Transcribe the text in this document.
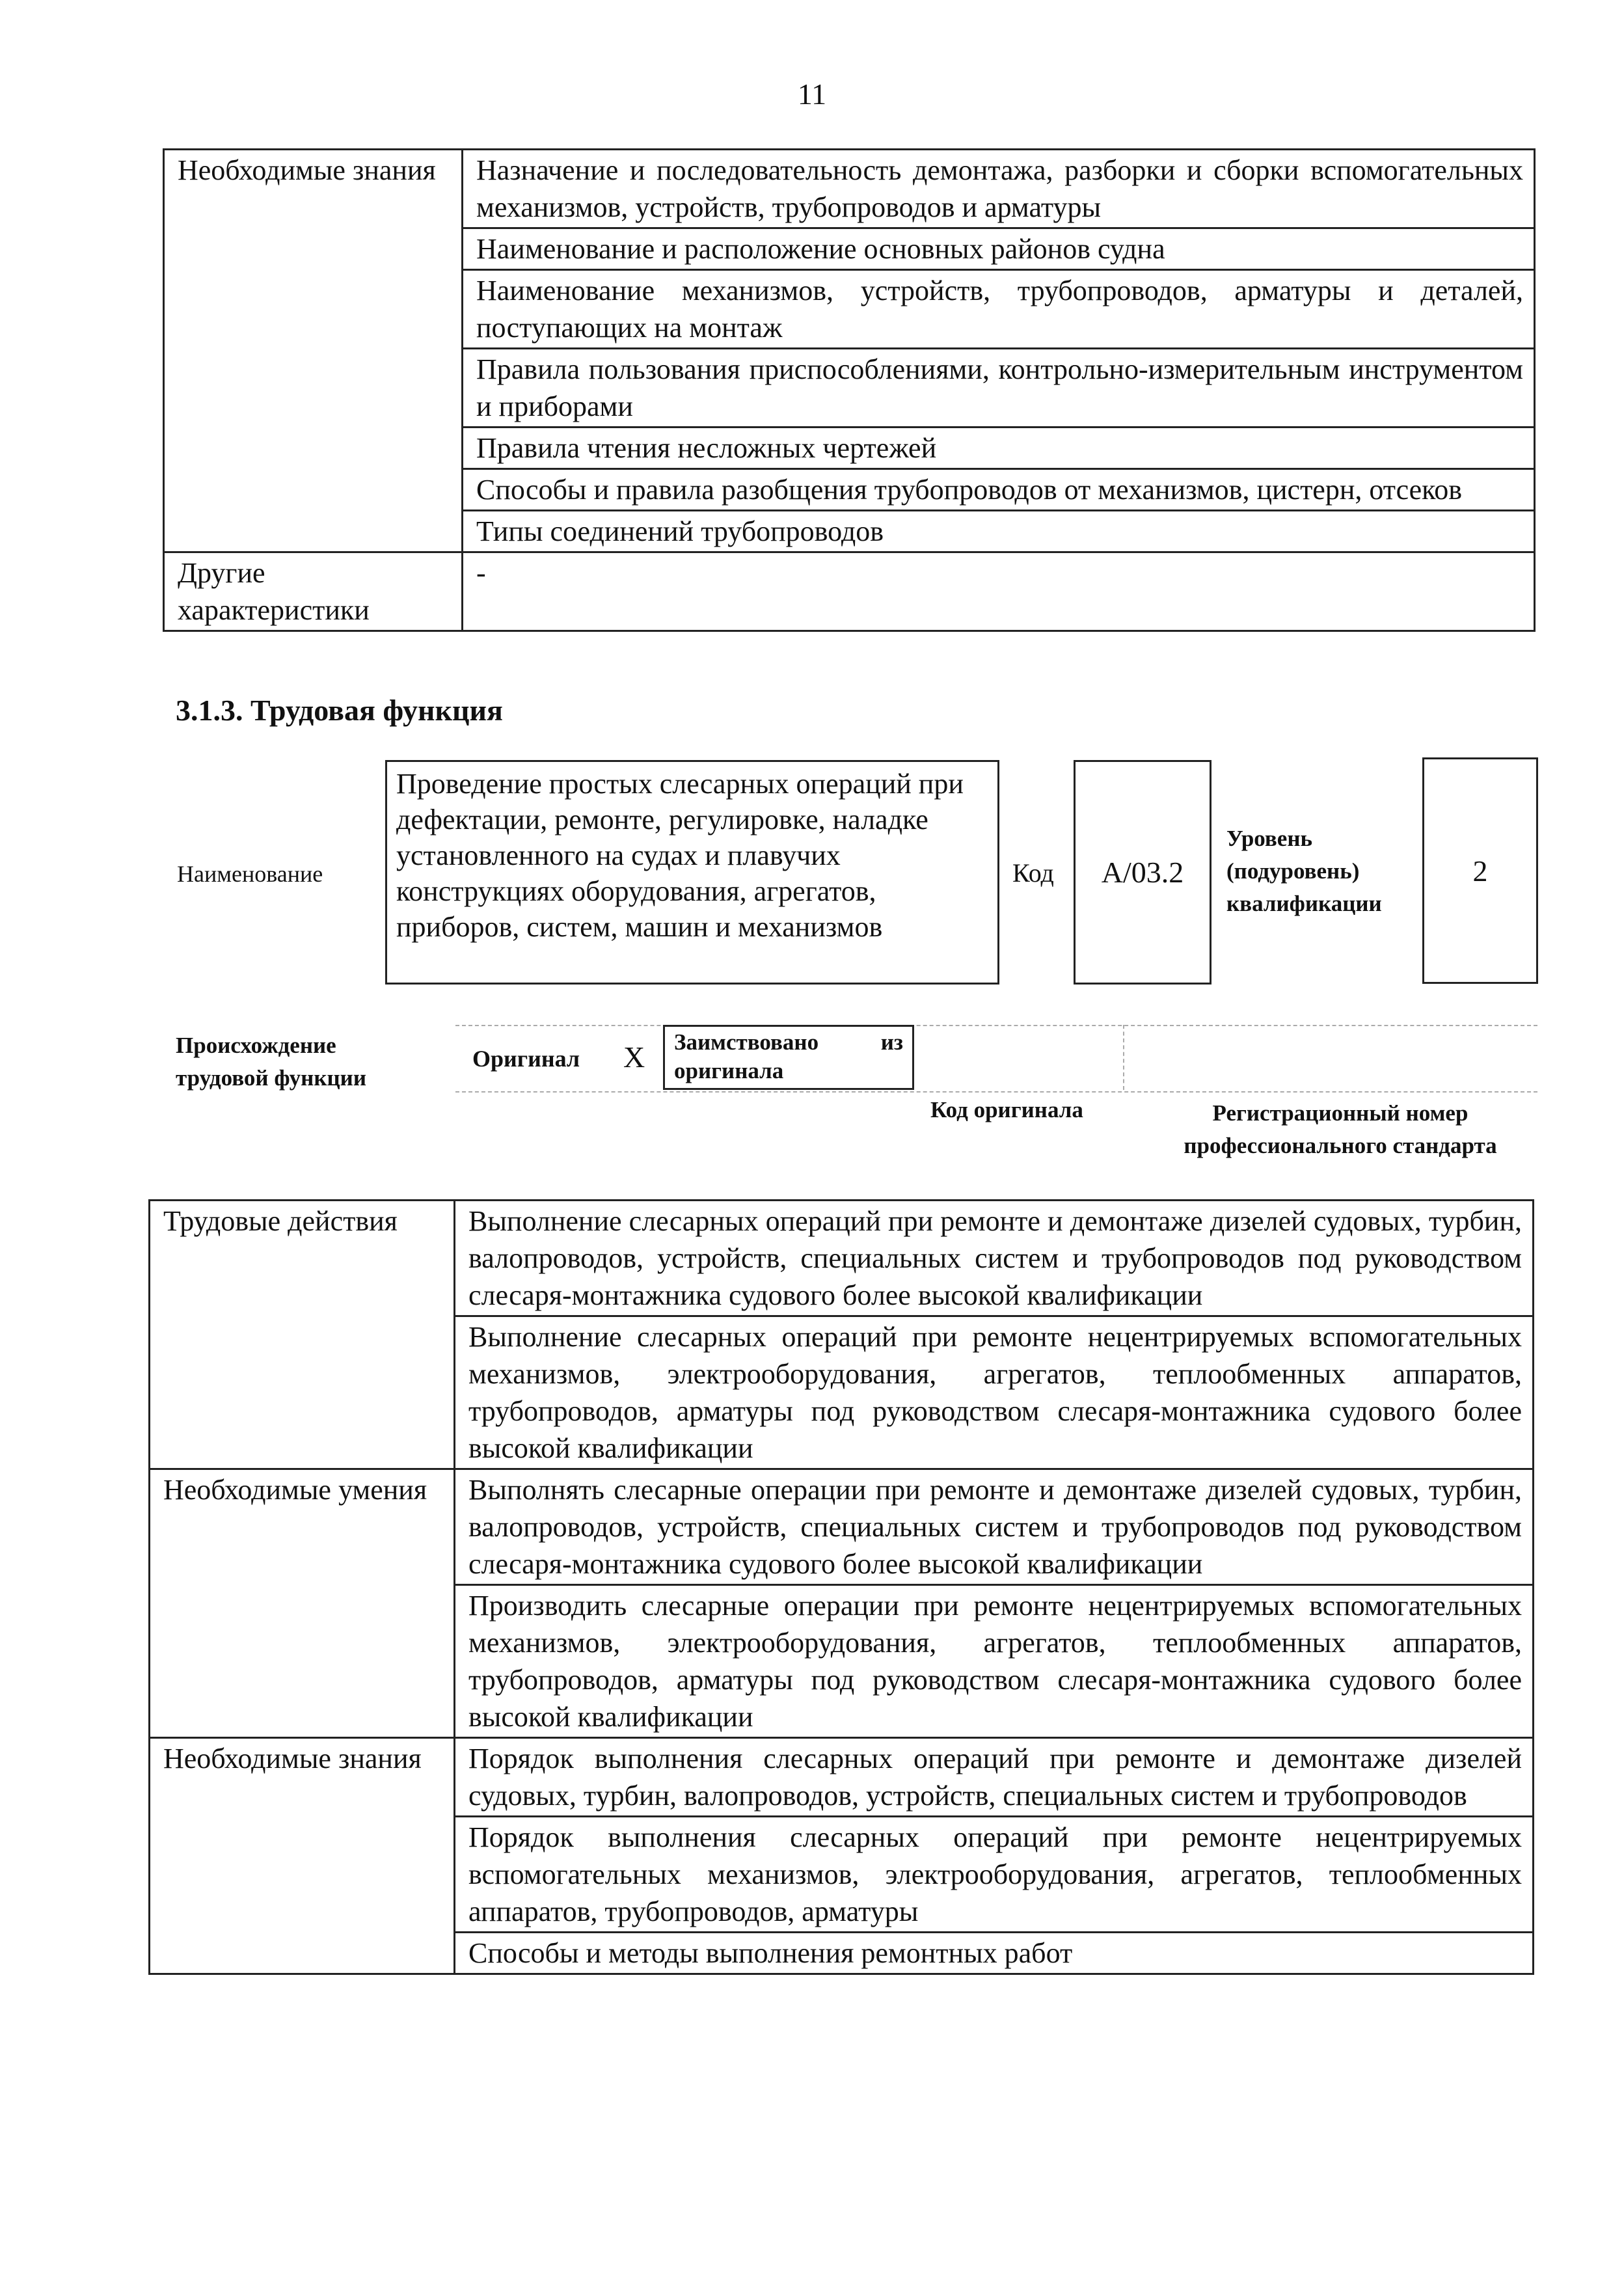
11
Необходимые знания	Назначение и последовательность демонтажа, разборки и сборки вспомогательных механизмов, устройств, трубопроводов и арматуры
	Наименование и расположение основных районов судна
	Наименование механизмов, устройств, трубопроводов, арматуры и деталей, поступающих на монтаж
	Правила пользования приспособлениями, контрольно-измерительным инструментом и приборами
	Правила чтения несложных чертежей
	Способы и правила разобщения трубопроводов от механизмов, цистерн, отсеков
	Типы соединений трубопроводов
Другие характеристики	-
3.1.3. Трудовая функция
Наименование
Проведение простых слесарных операций при дефектации, ремонте, регулировке, наладке установленного на судах и плавучих конструкциях оборудования, агрегатов, приборов, систем, машин и механизмов
Код	А/03.2
Уровень (подуровень) квалификации
2
Происхождение трудовой функции
Оригинал X	Заимствовано из оригинала
Код оригинала	Регистрационный номер профессионального стандарта
Трудовые действия	Выполнение слесарных операций при ремонте и демонтаже дизелей судовых, турбин, валопроводов, устройств, специальных систем и трубопроводов под руководством слесаря-монтажника судового более высокой квалификации
	Выполнение слесарных операций при ремонте нецентрируемых вспомогательных механизмов, электрооборудования, агрегатов, теплообменных аппаратов, трубопроводов, арматуры под руководством слесаря-монтажника судового более высокой квалификации
Необходимые умения	Выполнять слесарные операции при ремонте и демонтаже дизелей судовых, турбин, валопроводов, устройств, специальных систем и трубопроводов под руководством слесаря-монтажника судового более высокой квалификации
	Производить слесарные операции при ремонте нецентрируемых вспомогательных механизмов, электрооборудования, агрегатов, теплообменных аппаратов, трубопроводов, арматуры под руководством слесаря-монтажника судового более высокой квалификации
Необходимые знания	Порядок выполнения слесарных операций при ремонте и демонтаже дизелей судовых, турбин, валопроводов, устройств, специальных систем и трубопроводов
	Порядок выполнения слесарных операций при ремонте нецентрируемых вспомогательных механизмов, электрооборудования, агрегатов, теплообменных аппаратов, трубопроводов, арматуры
	Способы и методы выполнения ремонтных работ
